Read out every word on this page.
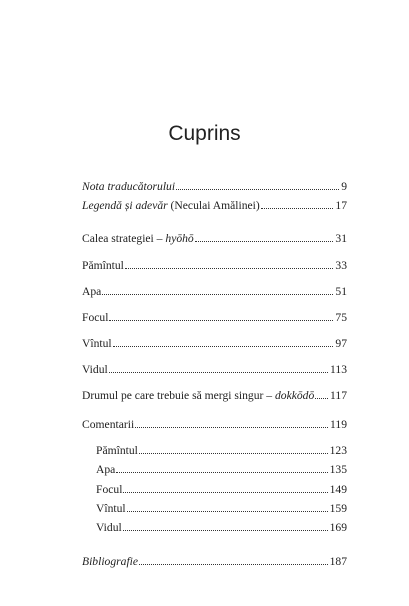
Cuprins
Nota traducătorului	9
Legendă și adevăr (Neculai Amălinei)	17
Calea strategiei – hyōhō	31
Pămîntul	33
Apa	51
Focul	75
Vîntul	97
Vidul	113
Drumul pe care trebuie să mergi singur – dokkōdō 117
Comentarii	119
Pămîntul	123
Apa	135
Focul	149
Vîntul	159
Vidul	169
Bibliografie	187
